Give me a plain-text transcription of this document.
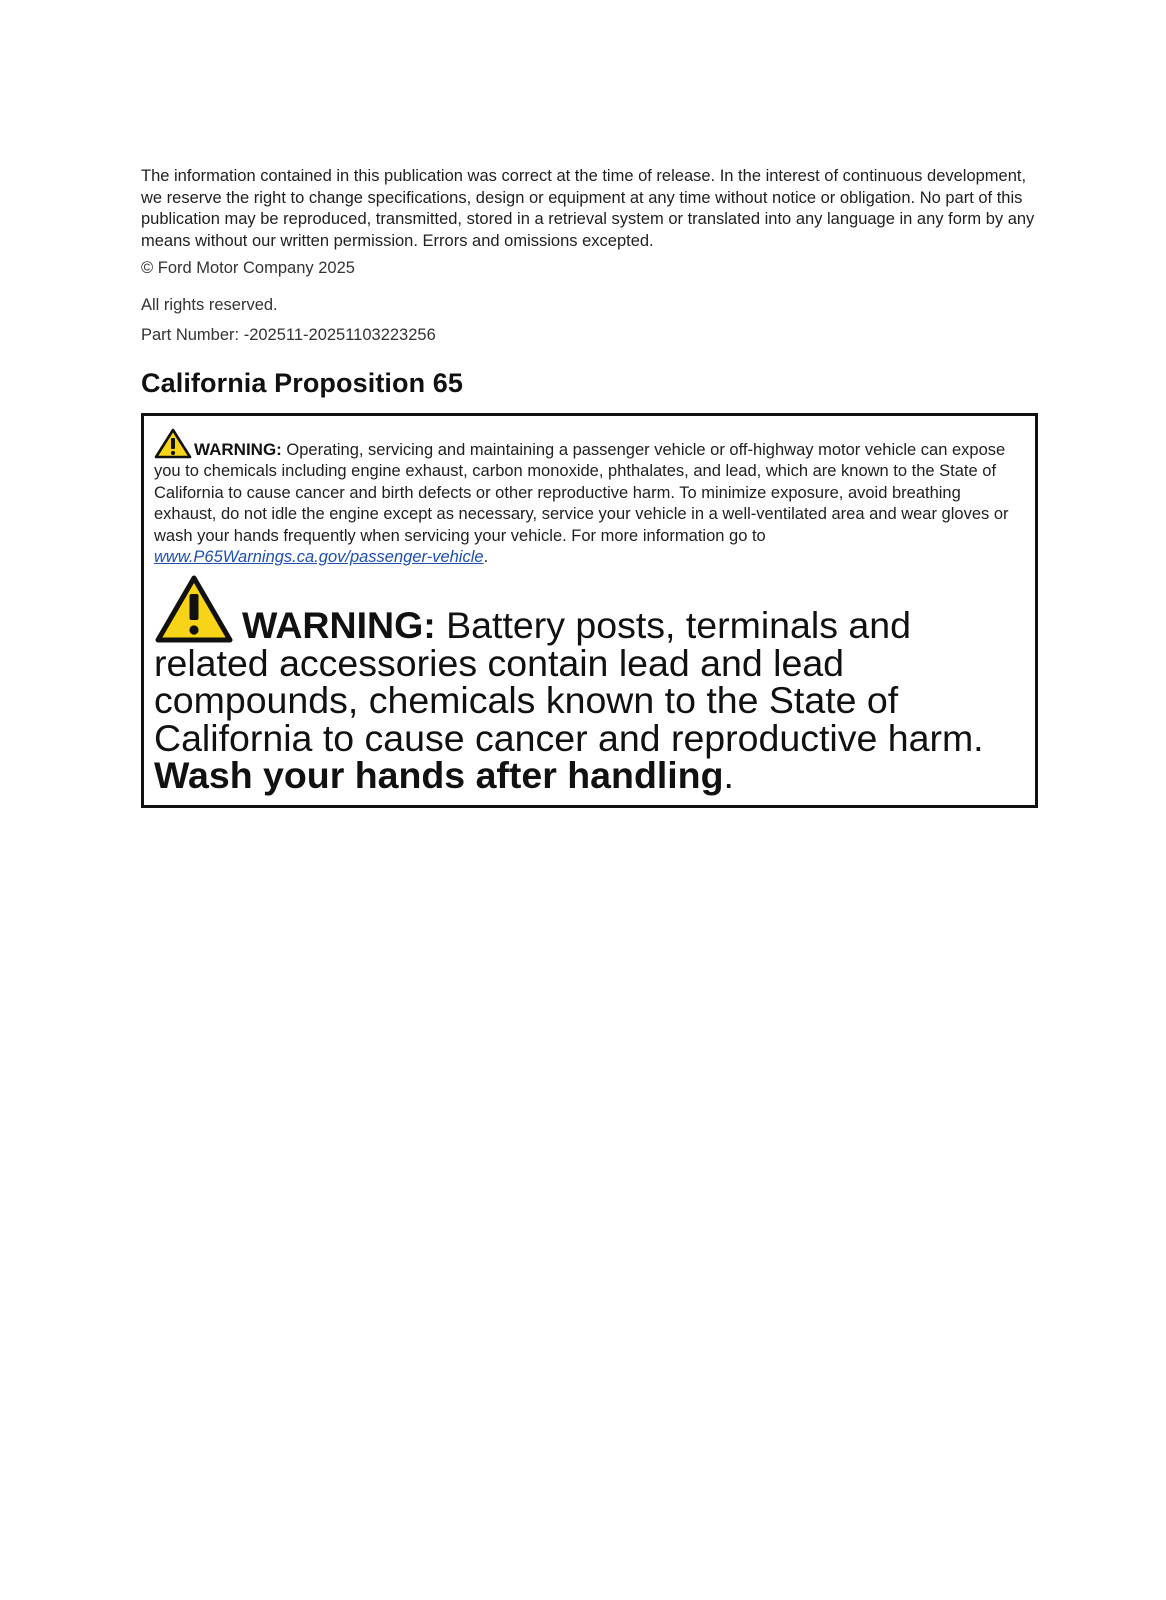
The information contained in this publication was correct at the time of release. In the interest of continuous development, we reserve the right to change specifications, design or equipment at any time without notice or obligation. No part of this publication may be reproduced, transmitted, stored in a retrieval system or translated into any language in any form by any means without our written permission. Errors and omissions excepted.

© Ford Motor Company 2025

All rights reserved.

Part Number: -202511-20251103223256

California Proposition 65

WARNING: Operating, servicing and maintaining a passenger vehicle or off-highway motor vehicle can expose you to chemicals including engine exhaust, carbon monoxide, phthalates, and lead, which are known to the State of California to cause cancer and birth defects or other reproductive harm. To minimize exposure, avoid breathing exhaust, do not idle the engine except as necessary, service your vehicle in a well-ventilated area and wear gloves or wash your hands frequently when servicing your vehicle. For more information go to www.P65Warnings.ca.gov/passenger-vehicle.

WARNING: Battery posts, terminals and related accessories contain lead and lead compounds, chemicals known to the State of California to cause cancer and reproductive harm. Wash your hands after handling.
